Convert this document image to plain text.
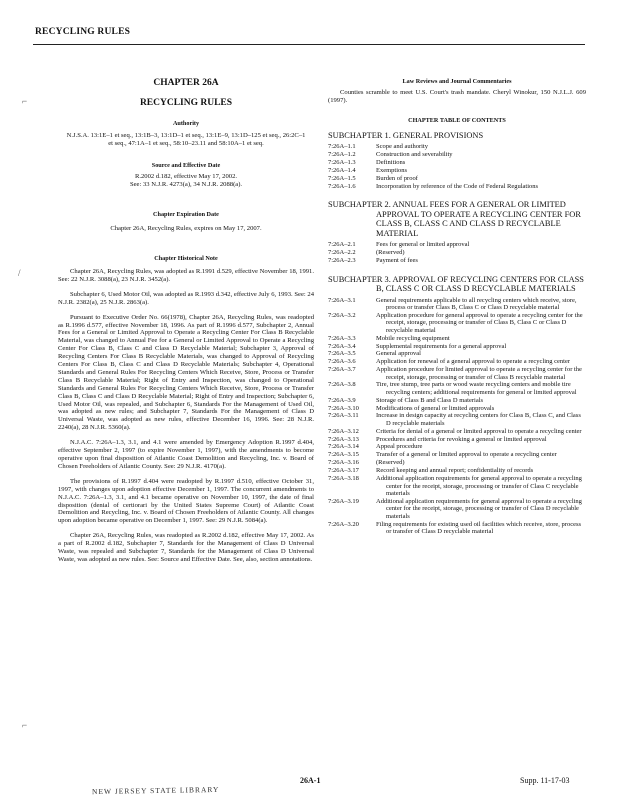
RECYCLING RULES
⌐
/
⌐
CHAPTER 26A
RECYCLING RULES
Authority
N.J.S.A. 13:1E–1 et seq., 13:1B–3, 13:1D–1 et seq., 13:1E–9, 13:1D–125 et seq., 26:2C–1 et seq., 47:1A–1 et seq., 58:10–23.11 and 58:10A–1 et seq.
Source and Effective Date
R.2002 d.182, effective May 17, 2002.
See: 33 N.J.R. 4273(a), 34 N.J.R. 2088(a).
Chapter Expiration Date
Chapter 26A, Recycling Rules, expires on May 17, 2007.
Chapter Historical Note

Chapter 26A, Recycling Rules, was adopted as R.1991 d.529, effective November 18, 1991. See: 22 N.J.R. 3088(a), 23 N.J.R. 3452(a).

Subchapter 6, Used Motor Oil, was adopted as R.1993 d.342, effective July 6, 1993. See: 24 N.J.R. 2382(a), 25 N.J.R. 2863(a).

Pursuant to Executive Order No. 66(1978), Chapter 26A, Recycling Rules, was readopted as R.1996 d.577, effective November 18, 1996. As part of R.1996 d.577, Subchapter 2, Annual Fees for a General or Limited Approval to Operate a Recycling Center For Class B Recyclable Material, was changed to Annual Fee for a General or Limited Approval to Operate a Recycling Center For Class B, Class C and Class D Recyclable Material; Subchapter 3, Approval of Recycling Centers For Class B Recyclable Materials, was changed to Approval of Recycling Centers For Class B, Class C and Class D Recyclable Materials; Subchapter 4, Operational Standards and General Rules For Recycling Centers Which Receive, Store, Process or Transfer Class B Recyclable Material; Right of Entry and Inspection, was changed to Operational Standards and General Rules For Recycling Centers Which Receive, Store, Process or Transfer Class B, Class C and Class D Recyclable Material; Right of Entry and Inspection; Subchapter 6, Used Motor Oil, was repealed, and Subchapter 6, Standards For the Management of Used Oil, was adopted as new rules; and Subchapter 7, Standards For the Management of Class D Universal Waste, was adopted as new rules, effective December 16, 1996. See: 28 N.J.R. 2240(a), 28 N.J.R. 5360(a).

N.J.A.C. 7:26A–1.3, 3.1, and 4.1 were amended by Emergency Adoption R.1997 d.404, effective September 2, 1997 (to expire November 1, 1997), with the amendments to become operative upon final disposition of Atlantic Coast Demolition and Recycling, Inc. v. Board of Chosen Freeholders of Atlantic County. See: 29 N.J.R. 4170(a).

The provisions of R.1997 d.404 were readopted by R.1997 d.510, effective October 31, 1997, with changes upon adoption effective December 1, 1997. The concurrent amendments to N.J.A.C. 7:26A–1.3, 3.1, and 4.1 became operative on November 10, 1997, the date of final disposition (denial of certiorari by the United States Supreme Court) of Atlantic Coast Demolition and Recycling, Inc. v. Board of Chosen Freeholders of Atlantic County. All changes upon adoption became operative on December 1, 1997. See: 29 N.J.R. 5084(a).

Chapter 26A, Recycling Rules, was readopted as R.2002 d.182, effective May 17, 2002. As a part of R.2002 d.182, Subchapter 7, Standards for the Management of Class D Universal Waste, was repealed and Subchapter 7, Standards for the Management of Class D Universal Waste, was adopted as new rules. See: Source and Effective Date. See, also, section annotations.

Law Reviews and Journal Commentaries

Counties scramble to meet U.S. Court's trash mandate. Cheryl Winokur, 150 N.J.L.J. 609 (1997).

CHAPTER TABLE OF CONTENTS
SUBCHAPTER 1. GENERAL PROVISIONS
7:26A–1.1	Scope and authority
7:26A–1.2	Construction and severability
7:26A–1.3	Definitions
7:26A–1.4	Exemptions
7:26A–1.5	Burden of proof
7:26A–1.6	Incorporation by reference of the Code of Federal Regulations
SUBCHAPTER 2. ANNUAL FEES FOR A GENERAL OR LIMITED APPROVAL TO OPERATE A RECYCLING CENTER FOR CLASS B, CLASS C AND CLASS D RECYCLABLE MATERIAL
7:26A–2.1	Fees for general or limited approval
7:26A–2.2	(Reserved)
7:26A–2.3	Payment of fees
SUBCHAPTER 3. APPROVAL OF RECYCLING CENTERS FOR CLASS B, CLASS C OR CLASS D RECYCLABLE MATERIALS
7:26A–3.1	General requirements applicable to all recycling centers which receive, store, process or transfer Class B, Class C or Class D recyclable material
7:26A–3.2	Application procedure for general approval to operate a recycling center for the receipt, storage, processing or transfer of Class B, Class C or Class D recyclable material
7:26A–3.3	Mobile recycling equipment
7:26A–3.4	Supplemental requirements for a general approval
7:26A–3.5	General approval
7:26A–3.6	Application for renewal of a general approval to operate a recycling center
7:26A–3.7	Application procedure for limited approval to operate a recycling center for the receipt, storage, processing or transfer of Class B recyclable material
7:26A–3.8	Tire, tree stump, tree parts or wood waste recycling centers and mobile tire recycling centers; additional requirements for general or limited approval
7:26A–3.9	Storage of Class B and Class D materials
7:26A–3.10	Modifications of general or limited approvals
7:26A–3.11	Increase in design capacity at recycling centers for Class B, Class C, and Class D recyclable materials
7:26A–3.12	Criteria for denial of a general or limited approval to operate a recycling center
7:26A–3.13	Procedures and criteria for revoking a general or limited approval
7:26A–3.14	Appeal procedure
7:26A–3.15	Transfer of a general or limited approval to operate a recycling center
7:26A–3.16	(Reserved)
7:26A–3.17	Record keeping and annual report; confidentiality of records
7:26A–3.18	Additional application requirements for general approval to operate a recycling center for the receipt, storage, processing or transfer of Class C recyclable materials
7:26A–3.19	Additional application requirements for general approval to operate a recycling center for the receipt, storage, processing or transfer of Class D recyclable materials
7:26A–3.20	Filing requirements for existing used oil facilities which receive, store, process or transfer of Class D recyclable material
26A-1	Supp. 11-17-03
NEW JERSEY STATE LIBRARY
